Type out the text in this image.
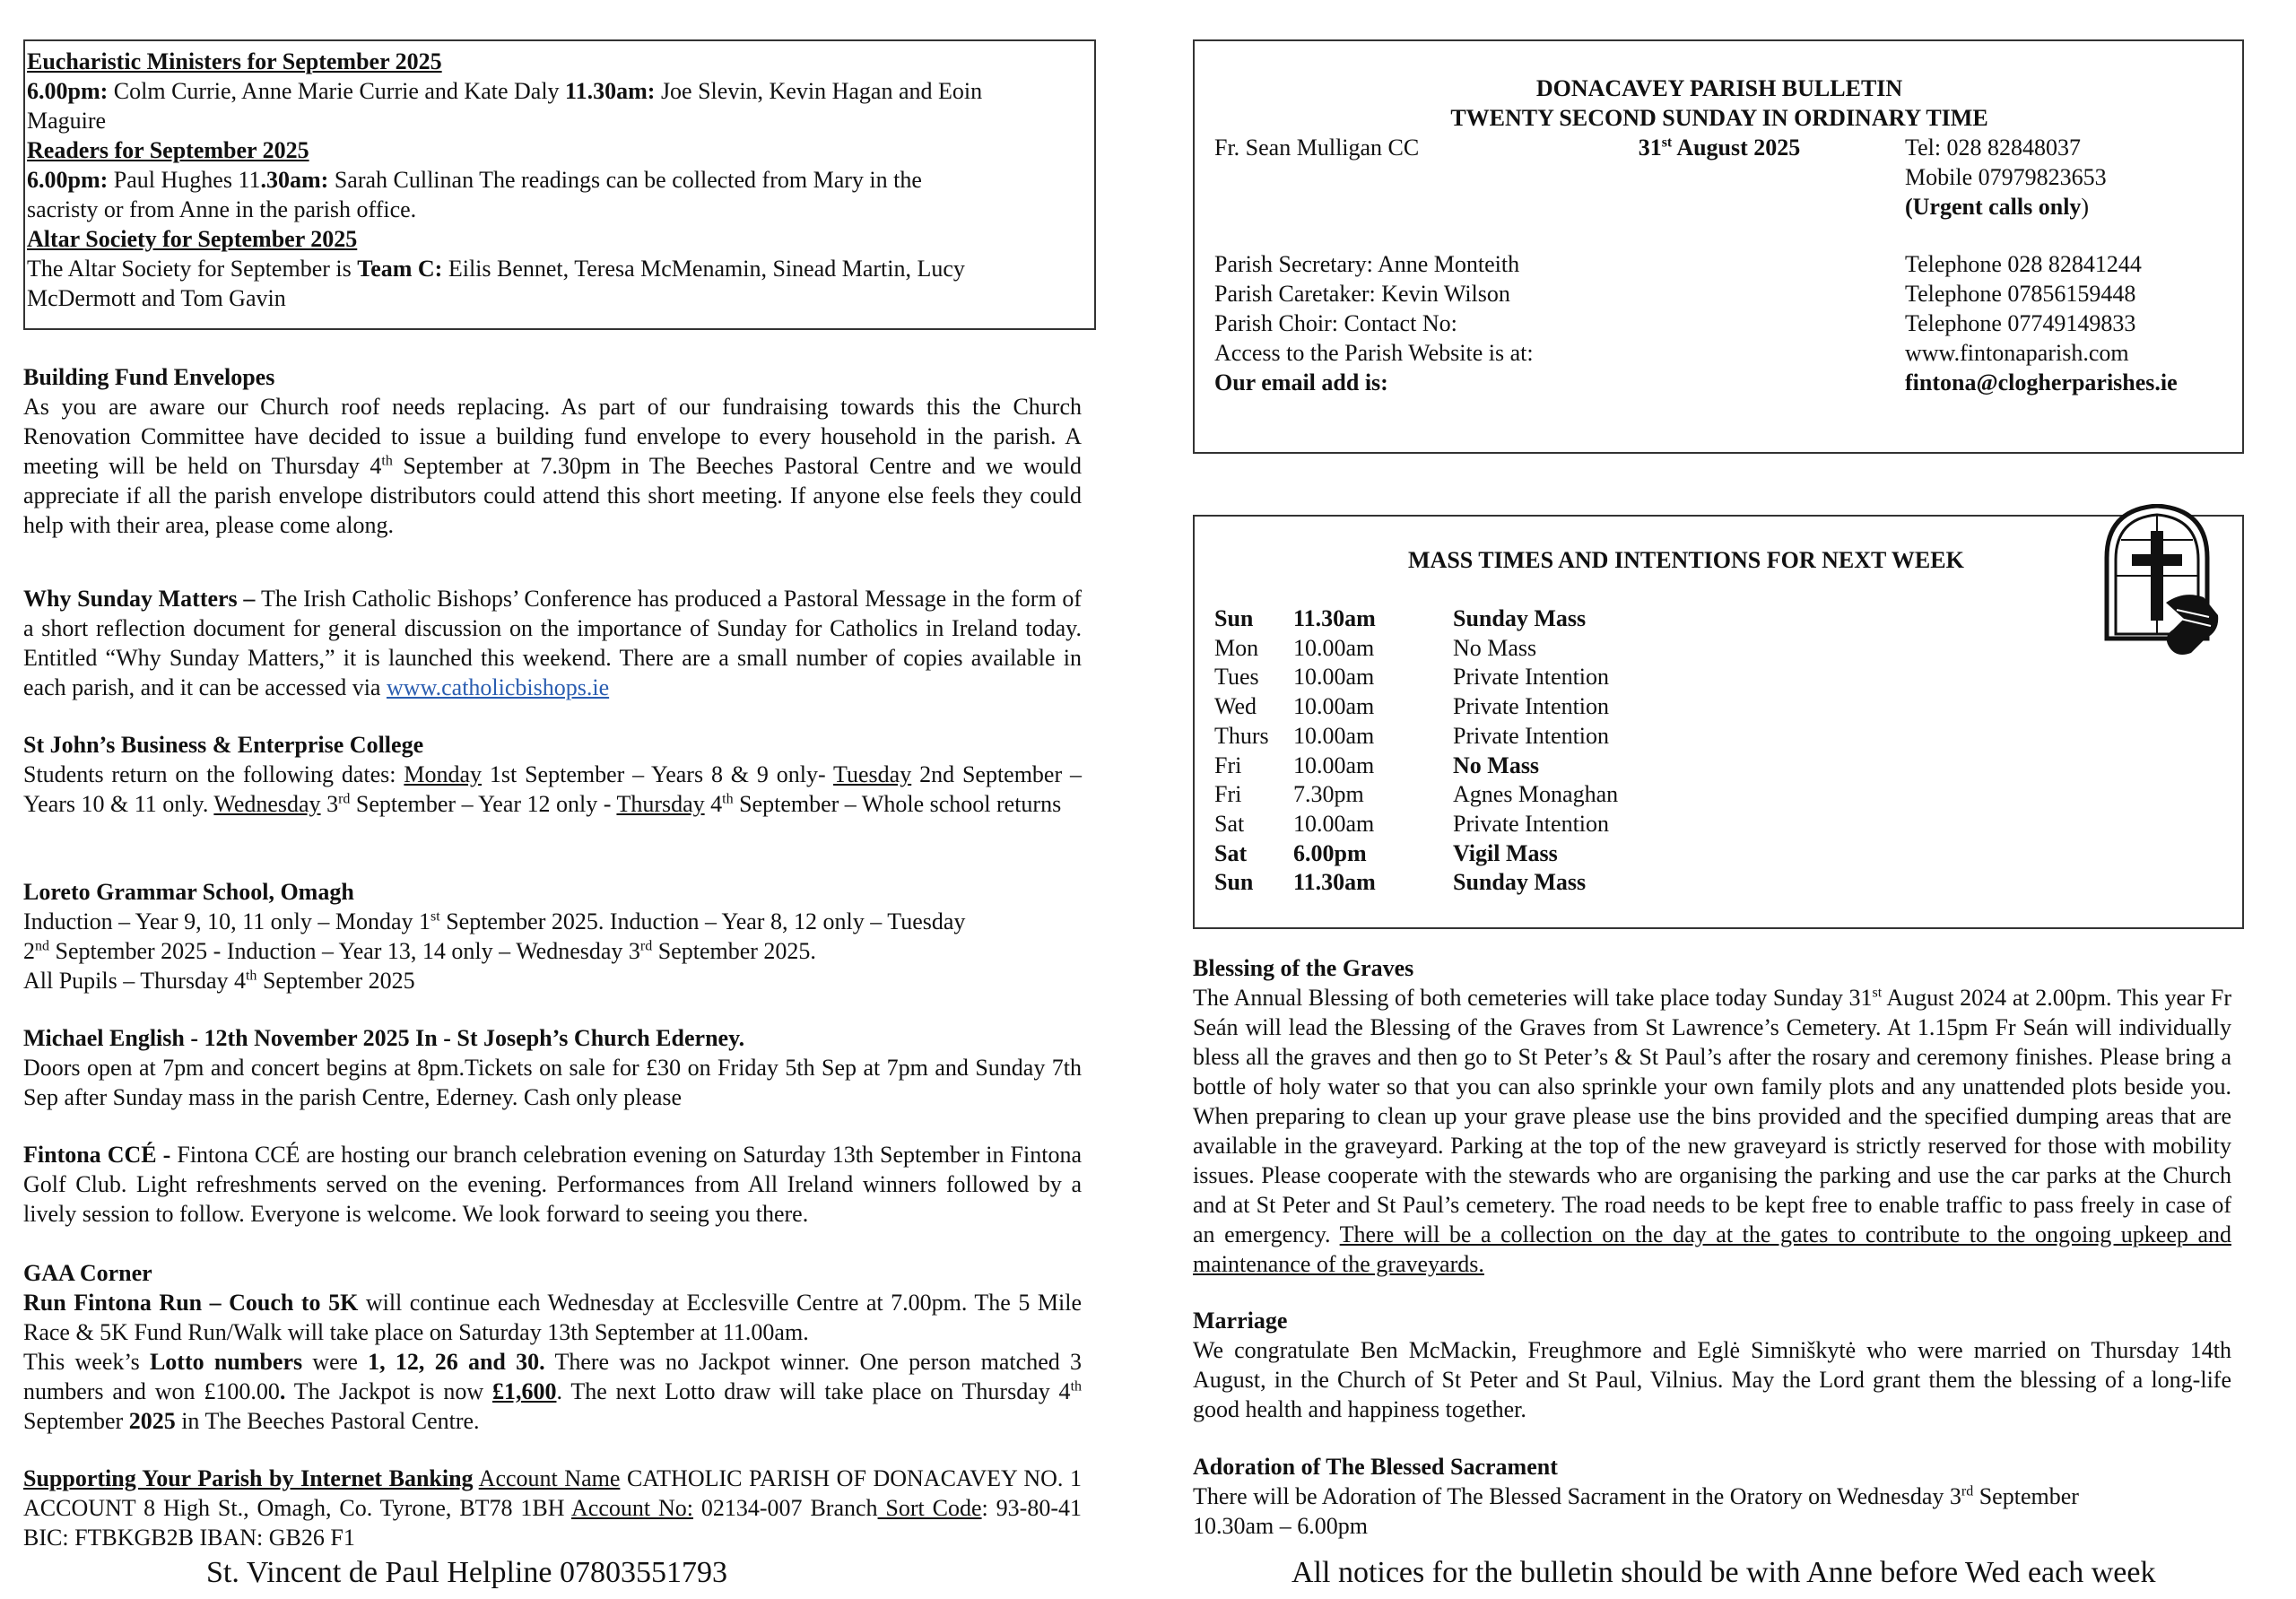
Eucharistic Ministers for September 2025
6.00pm: Colm Currie, Anne Marie Currie and Kate Daly 11.30am: Joe Slevin, Kevin Hagan and Eoin
Maguire
Readers for September 2025
6.00pm: Paul Hughes 11.30am: Sarah Cullinan The readings can be collected from Mary in the
sacristy or from Anne in the parish office.
Altar Society for September 2025
The Altar Society for September is Team C: Eilis Bennet, Teresa McMenamin, Sinead Martin, Lucy
McDermott and Tom Gavin
Building Fund Envelopes

As you are aware our Church roof needs replacing. As part of our fundraising towards this the Church Renovation Committee have decided to issue a building fund envelope to every household in the parish. A meeting will be held on Thursday 4th September at 7.30pm in The Beeches Pastoral Centre and we would appreciate if all the parish envelope distributors could attend this short meeting. If anyone else feels they could help with their area, please come along.

Why Sunday Matters – The Irish Catholic Bishops’ Conference has produced a Pastoral Message in the form of a short reflection document for general discussion on the importance of Sunday for Catholics in Ireland today. Entitled “Why Sunday Matters,” it is launched this weekend. There are a small number of copies available in each parish, and it can be accessed via www.catholicbishops.ie

St John’s Business & Enterprise College

Students return on the following dates: Monday 1st September – Years 8 & 9 only- Tuesday 2nd September – Years 10 & 11 only. Wednesday 3rd September – Year 12 only - Thursday 4th September – Whole school returns

Loreto Grammar School, Omagh
Induction – Year 9, 10, 11 only – Monday 1st September 2025. Induction – Year 8, 12 only – Tuesday
2nd September 2025 - Induction – Year 13, 14 only – Wednesday 3rd September 2025.
All Pupils – Thursday 4th September 2025
Michael English - 12th November 2025 In - St Joseph’s Church Ederney.

Doors open at 7pm and concert begins at 8pm.Tickets on sale for £30 on Friday 5th Sep at 7pm and Sunday 7th Sep after Sunday mass in the parish Centre, Ederney. Cash only please

Fintona CCÉ - Fintona CCÉ are hosting our branch celebration evening on Saturday 13th September in Fintona Golf Club. Light refreshments served on the evening. Performances from All Ireland winners followed by a lively session to follow. Everyone is welcome. We look forward to seeing you there.

GAA Corner

Run Fintona Run – Couch to 5K will continue each Wednesday at Ecclesville Centre at 7.00pm. The 5 Mile Race & 5K Fund Run/Walk will take place on Saturday 13th September at 11.00am.

This week’s Lotto numbers were 1, 12, 26 and 30. There was no Jackpot winner. One person matched 3 numbers and won £100.00. The Jackpot is now £1,600. The next Lotto draw will take place on Thursday 4th September 2025 in The Beeches Pastoral Centre.

Supporting Your Parish by Internet Banking Account Name CATHOLIC PARISH OF DONACAVEY NO. 1 ACCOUNT 8 High St., Omagh, Co. Tyrone, BT78 1BH Account No: 02134-007 Branch Sort Code: 93-80-41 BIC: FTBKGB2B IBAN: GB26 F1

St. Vincent de Paul Helpline 07803551793
DONACAVEY PARISH BULLETIN
TWENTY SECOND SUNDAY IN ORDINARY TIME
31st August 2025
Fr. Sean Mulligan CC	Tel: 028 82848037
Mobile 07979823653
(Urgent calls only)
Parish Secretary: Anne Monteith	Telephone 028 82841244
Parish Caretaker: Kevin Wilson	Telephone 07856159448
Parish Choir: Contact No:	Telephone 07749149833
Access to the Parish Website is at:	www.fintonaparish.com
Our email add is:	fintona@clogherparishes.ie
MASS TIMES AND INTENTIONS FOR NEXT WEEK
Sun	11.30am	Sunday Mass
Mon	10.00am	No Mass
Tues	10.00am	Private Intention
Wed	10.00am	Private Intention
Thurs	10.00am	Private Intention
Fri	10.00am	No Mass
Fri	7.30pm	Agnes Monaghan
Sat	10.00am	Private Intention
Sat	6.00pm	Vigil Mass
Sun	11.30am	Sunday Mass
Blessing of the Graves

The Annual Blessing of both cemeteries will take place today Sunday 31st August 2024 at 2.00pm. This year Fr Seán will lead the Blessing of the Graves from St Lawrence’s Cemetery. At 1.15pm Fr Seán will individually bless all the graves and then go to St Peter’s & St Paul’s after the rosary and ceremony finishes. Please bring a bottle of holy water so that you can also sprinkle your own family plots and any unattended plots beside you. When preparing to clean up your grave please use the bins provided and the specified dumping areas that are available in the graveyard. Parking at the top of the new graveyard is strictly reserved for those with mobility issues. Please cooperate with the stewards who are organising the parking and use the car parks at the Church and at St Peter and St Paul’s cemetery. The road needs to be kept free to enable traffic to pass freely in case of an emergency. There will be a collection on the day at the gates to contribute to the ongoing upkeep and maintenance of the graveyards.

Marriage

We congratulate Ben McMackin, Freughmore and Eglė Simniškytė who were married on Thursday 14th August, in the Church of St Peter and St Paul, Vilnius. May the Lord grant them the blessing of a long-life good health and happiness together.

Adoration of The Blessed Sacrament
There will be Adoration of The Blessed Sacrament in the Oratory on Wednesday 3rd September
10.30am – 6.00pm
All notices for the bulletin should be with Anne before Wed each week
